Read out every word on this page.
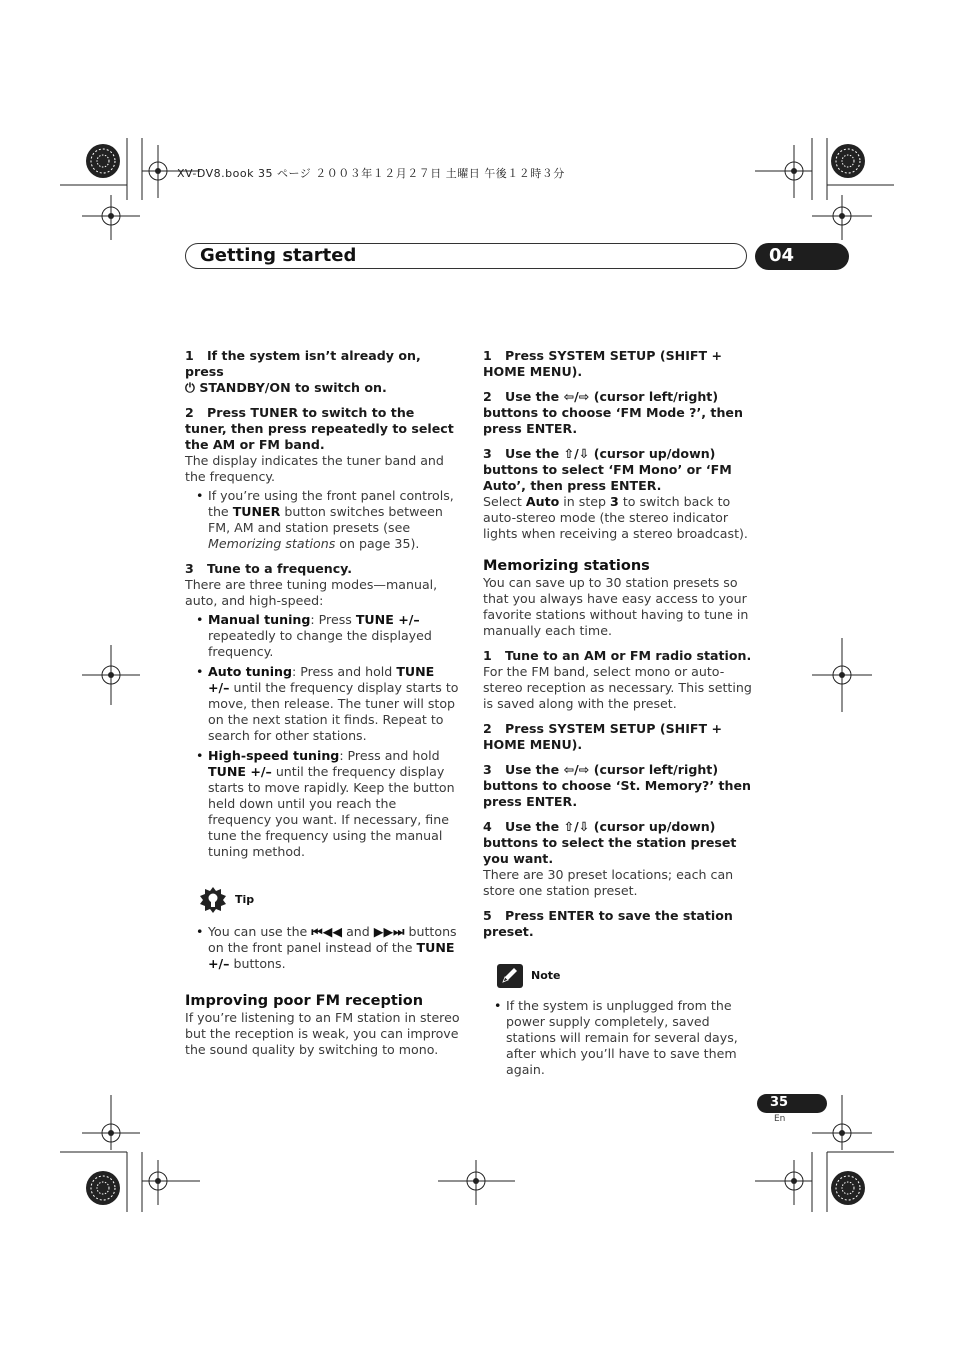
XV-DV8.book 35 ページ ２００３年１２月２７日 土曜日 午後１２時３分
Getting started	04

1 If the system isn’t already on, press
⏻ STANDBY/ON to switch on.

2 Press TUNER to switch to the tuner, then press repeatedly to select the AM or FM band.

The display indicates the tuner band and the frequency.

• If you’re using the front panel controls, the TUNER button switches between FM, AM and station presets (see Memorizing stations on page 35).

3 Tune to a frequency.

There are three tuning modes—manual, auto, and high-speed:

• Manual tuning: Press TUNE +/– repeatedly to change the displayed frequency.
• Auto tuning: Press and hold TUNE +/– until the frequency display starts to move, then release. The tuner will stop on the next station it finds. Repeat to search for other stations.
• High-speed tuning: Press and hold TUNE +/– until the frequency display starts to move rapidly. Keep the button held down until you reach the frequency you want. If necessary, fine tune the frequency using the manual tuning method.
Tip
• You can use the ⏮◀◀ and ▶▶⏭ buttons on the front panel instead of the TUNE +/– buttons.

Improving poor FM reception

If you’re listening to an FM station in stereo but the reception is weak, you can improve the sound quality by switching to mono.

1 Press SYSTEM SETUP (SHIFT + HOME MENU).

2 Use the ⇦/⇨ (cursor left/right) buttons to choose ‘FM Mode ?’, then press ENTER.

3 Use the ⇧/⇩ (cursor up/down) buttons to select ‘FM Mono’ or ‘FM Auto’, then press ENTER.

Select Auto in step 3 to switch back to auto-stereo mode (the stereo indicator lights when receiving a stereo broadcast).

Memorizing stations

You can save up to 30 station presets so that you always have easy access to your favorite stations without having to tune in manually each time.

1 Tune to an AM or FM radio station.

For the FM band, select mono or auto-stereo reception as necessary. This setting is saved along with the preset.

2 Press SYSTEM SETUP (SHIFT + HOME MENU).

3 Use the ⇦/⇨ (cursor left/right) buttons to choose ‘St. Memory?’ then press ENTER.

4 Use the ⇧/⇩ (cursor up/down) buttons to select the station preset you want.

There are 30 preset locations; each can store one station preset.

5 Press ENTER to save the station preset.

Note
• If the system is unplugged from the power supply completely, saved stations will remain for several days, after which you’ll have to save them again.
35
En
